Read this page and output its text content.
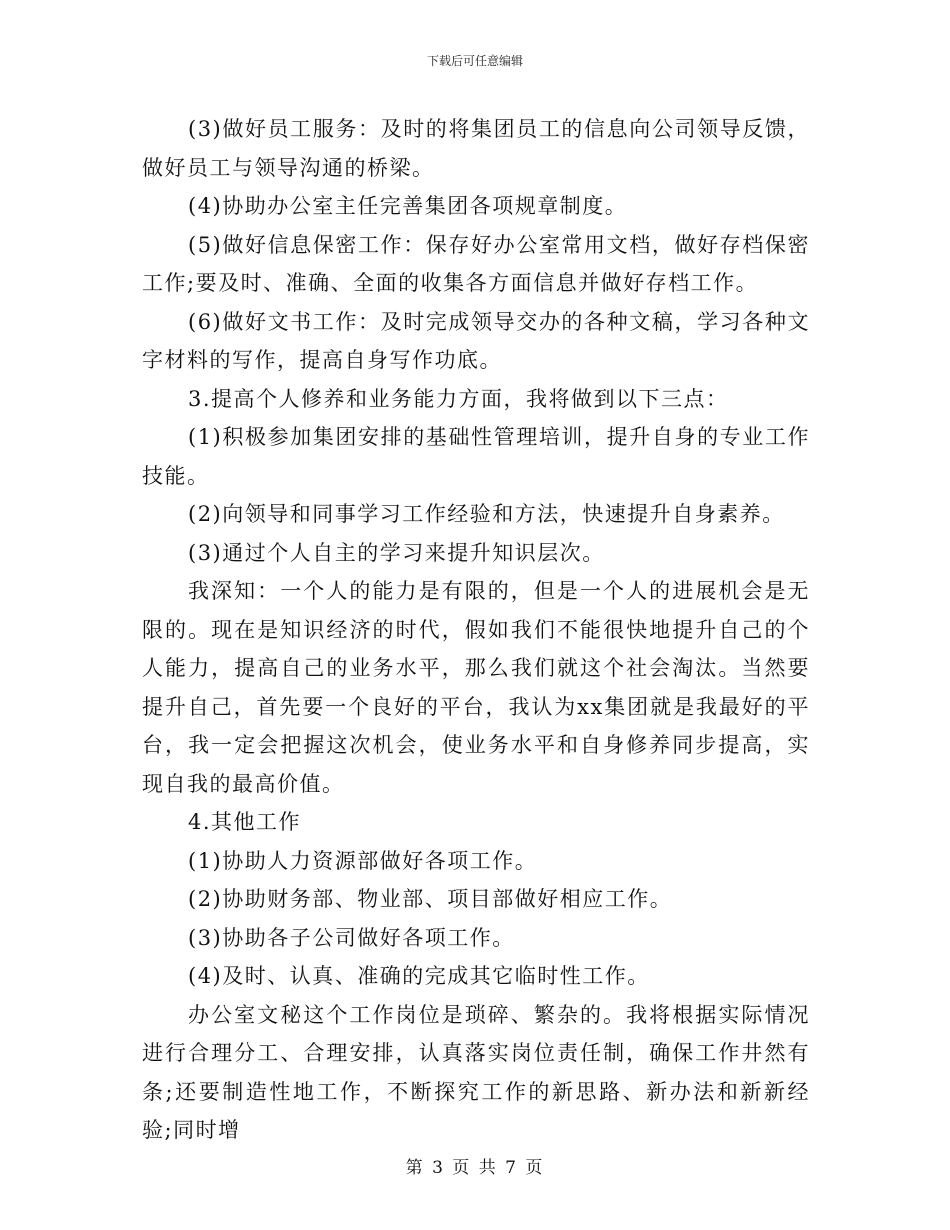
下载后可任意编辑

(3)做好员工服务：及时的将集团员工的信息向公司领导反馈，做好员工与领导沟通的桥梁。

(4)协助办公室主任完善集团各项规章制度。

(5)做好信息保密工作：保存好办公室常用文档，做好存档保密工作;要及时、准确、全面的收集各方面信息并做好存档工作。

(6)做好文书工作：及时完成领导交办的各种文稿，学习各种文字材料的写作，提高自身写作功底。

3.提高个人修养和业务能力方面，我将做到以下三点：

(1)积极参加集团安排的基础性管理培训，提升自身的专业工作技能。

(2)向领导和同事学习工作经验和方法，快速提升自身素养。

(3)通过个人自主的学习来提升知识层次。

我深知：一个人的能力是有限的，但是一个人的进展机会是无限的。现在是知识经济的时代，假如我们不能很快地提升自己的个人能力，提高自己的业务水平，那么我们就这个社会淘汰。当然要提升自己，首先要一个良好的平台，我认为xx集团就是我最好的平台，我一定会把握这次机会，使业务水平和自身修养同步提高，实现自我的最高价值。

4.其他工作

(1)协助人力资源部做好各项工作。

(2)协助财务部、物业部、项目部做好相应工作。

(3)协助各子公司做好各项工作。

(4)及时、认真、准确的完成其它临时性工作。

办公室文秘这个工作岗位是琐碎、繁杂的。我将根据实际情况进行合理分工、合理安排，认真落实岗位责任制，确保工作井然有条;还要制造性地工作，不断探究工作的新思路、新办法和新新经验;同时增

第 3 页 共 7 页
